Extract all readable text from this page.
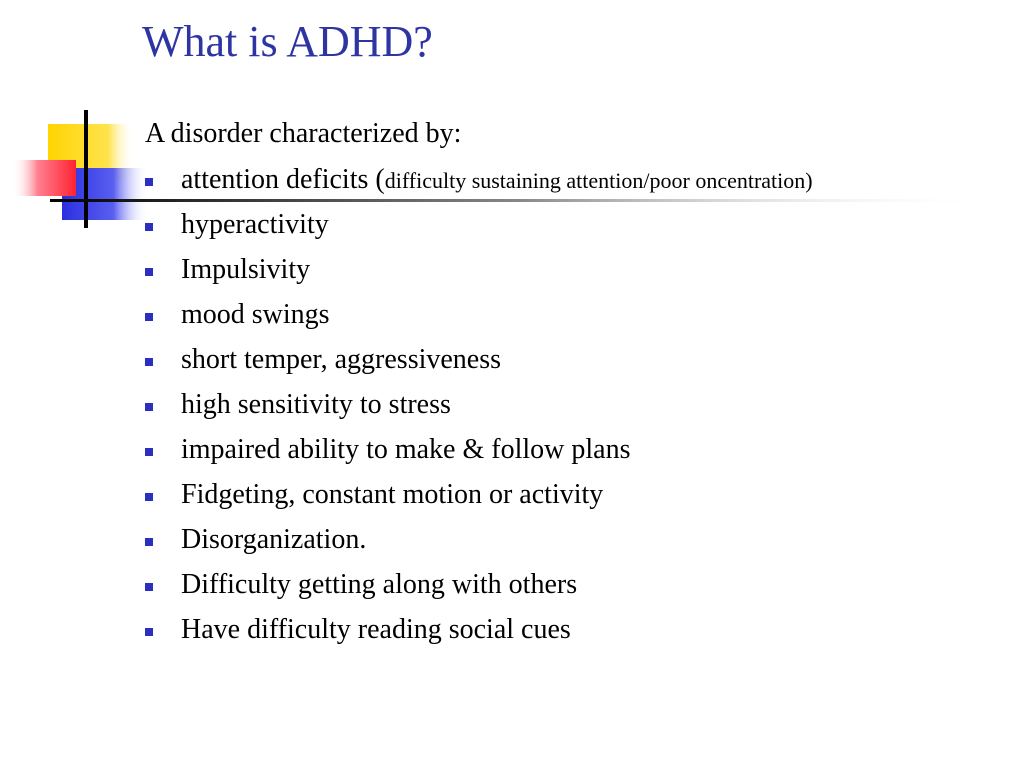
What is ADHD?
A disorder characterized by:
attention deficits (difficulty sustaining attention/poor oncentration)
hyperactivity
Impulsivity
mood swings
short temper, aggressiveness
high sensitivity to stress
impaired ability to make & follow plans
Fidgeting, constant motion or activity
Disorganization.
Difficulty getting along with others
Have difficulty reading social cues
